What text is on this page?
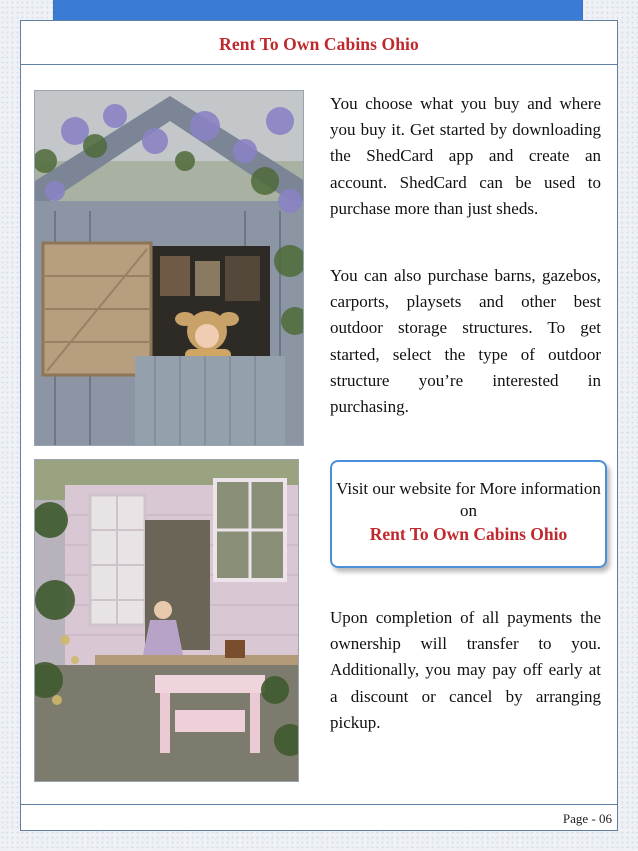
Rent To Own Cabins Ohio

You choose what you buy and where you buy it. Get started by downloading the ShedCard app and create an account. ShedCard can be used to purchase more than just sheds.

You can also purchase barns, gazebos, carports, playsets and other best outdoor storage structures. To get started, select the type of outdoor structure you’re interested in purchasing.

Visit our website for More information on

Rent To Own Cabins Ohio

Upon completion of all payments the ownership will transfer to you. Additionally, you may pay off early at a discount or cancel by arranging pickup.

Page - 06
